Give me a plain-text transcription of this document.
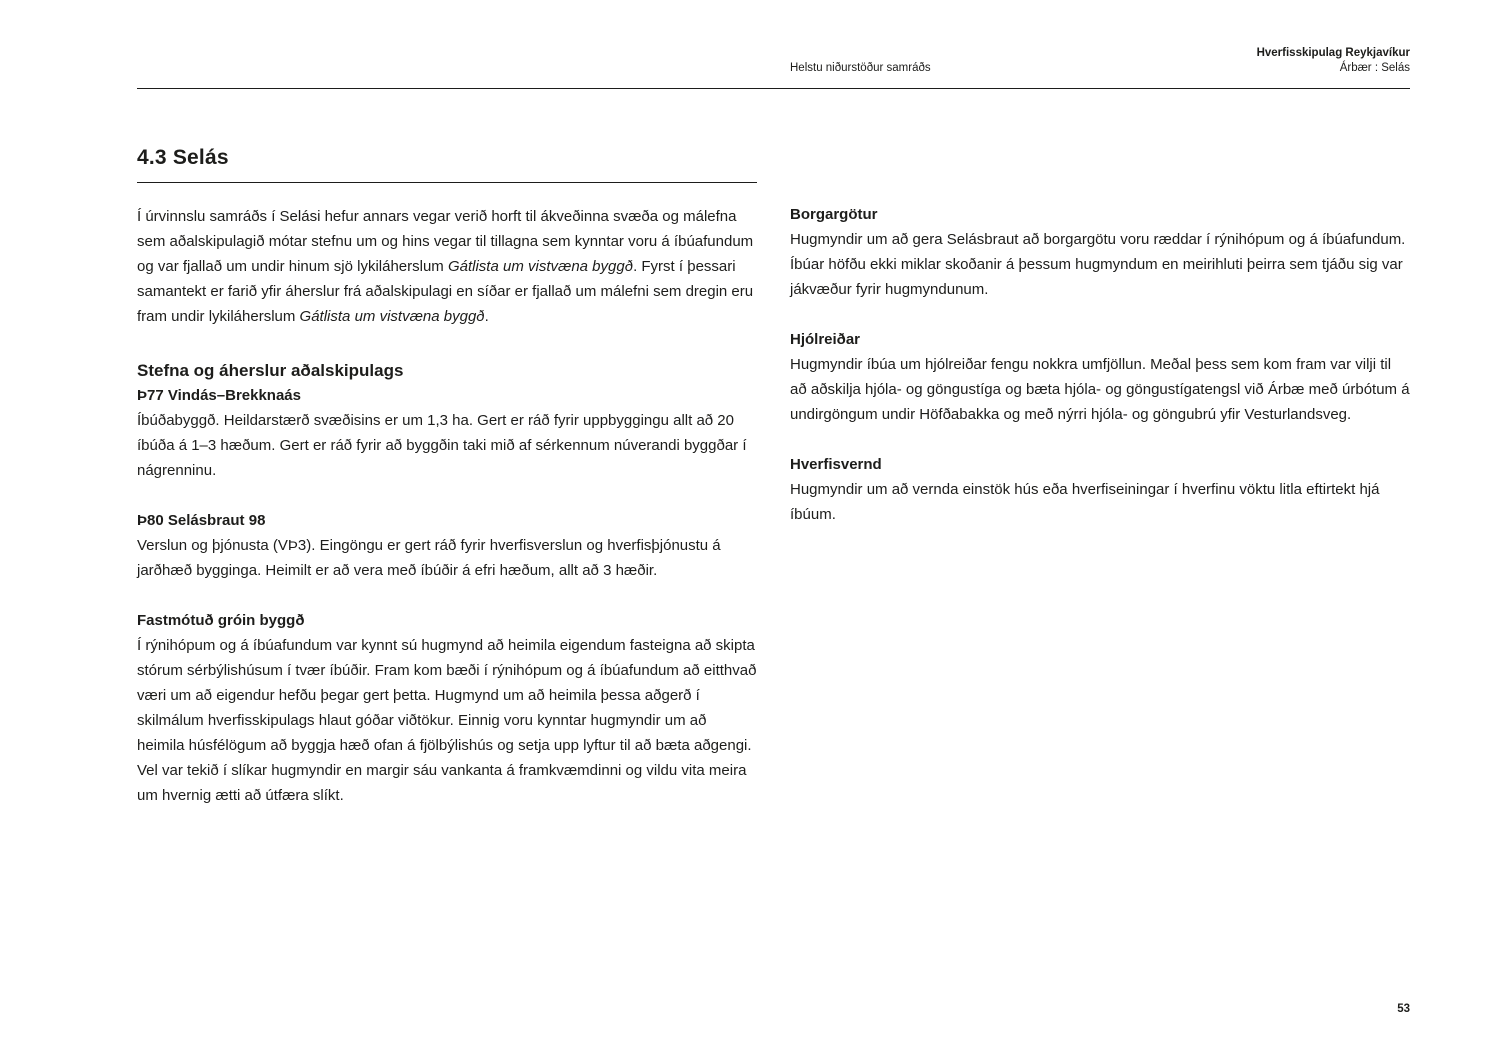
Helstu niðurstöður samráðs
Hverfisskipulag Reykjavíkur
Árbær : Selás
4.3 Selás

Í úrvinnslu samráðs í Selási hefur annars vegar verið horft til ákveðinna svæða og málefna sem aðalskipulagið mótar stefnu um og hins vegar til tillagna sem kynntar voru á íbúafundum og var fjallað um undir hinum sjö lykiláherslum Gátlista um vistvæna byggð. Fyrst í þessari samantekt er farið yfir áherslur frá aðalskipulagi en síðar er fjallað um málefni sem dregin eru fram undir lykiláherslum Gátlista um vistvæna byggð.

Stefna og áherslur aðalskipulags
Þ77 Vindás–Brekknaás

Íbúðabyggð. Heildarstærð svæðisins er um 1,3 ha. Gert er ráð fyrir uppbyggingu allt að 20 íbúða á 1–3 hæðum. Gert er ráð fyrir að byggðin taki mið af sérkennum núverandi byggðar í nágrenninu.

Þ80 Selásbraut 98

Verslun og þjónusta (VÞ3). Eingöngu er gert ráð fyrir hverfisverslun og hverfisþjónustu á jarðhæð bygginga. Heimilt er að vera með íbúðir á efri hæðum, allt að 3 hæðir.

Fastmótuð gróin byggð

Í rýnihópum og á íbúafundum var kynnt sú hugmynd að heimila eigendum fasteigna að skipta stórum sérbýlishúsum í tvær íbúðir. Fram kom bæði í rýnihópum og á íbúafundum að eitthvað væri um að eigendur hefðu þegar gert þetta. Hugmynd um að heimila þessa aðgerð í skilmálum hverfisskipulags hlaut góðar viðtökur. Einnig voru kynntar hugmyndir um að heimila húsfélögum að byggja hæð ofan á fjölbýlishús og setja upp lyftur til að bæta aðgengi. Vel var tekið í slíkar hugmyndir en margir sáu vankanta á framkvæmdinni og vildu vita meira um hvernig ætti að útfæra slíkt.

Borgargötur

Hugmyndir um að gera Selásbraut að borgargötu voru ræddar í rýnihópum og á íbúafundum. Íbúar höfðu ekki miklar skoðanir á þessum hugmyndum en meirihluti þeirra sem tjáðu sig var jákvæður fyrir hugmyndunum.

Hjólreiðar

Hugmyndir íbúa um hjólreiðar fengu nokkra umfjöllun. Meðal þess sem kom fram var vilji til að aðskilja hjóla- og göngustíga og bæta hjóla- og göngustígatengsl við Árbæ með úrbótum á undirgöngum undir Höfðabakka og með nýrri hjóla- og göngubrú yfir Vesturlandsveg.

Hverfisvernd

Hugmyndir um að vernda einstök hús eða hverfiseiningar í hverfinu vöktu litla eftirtekt hjá íbúum.

53
